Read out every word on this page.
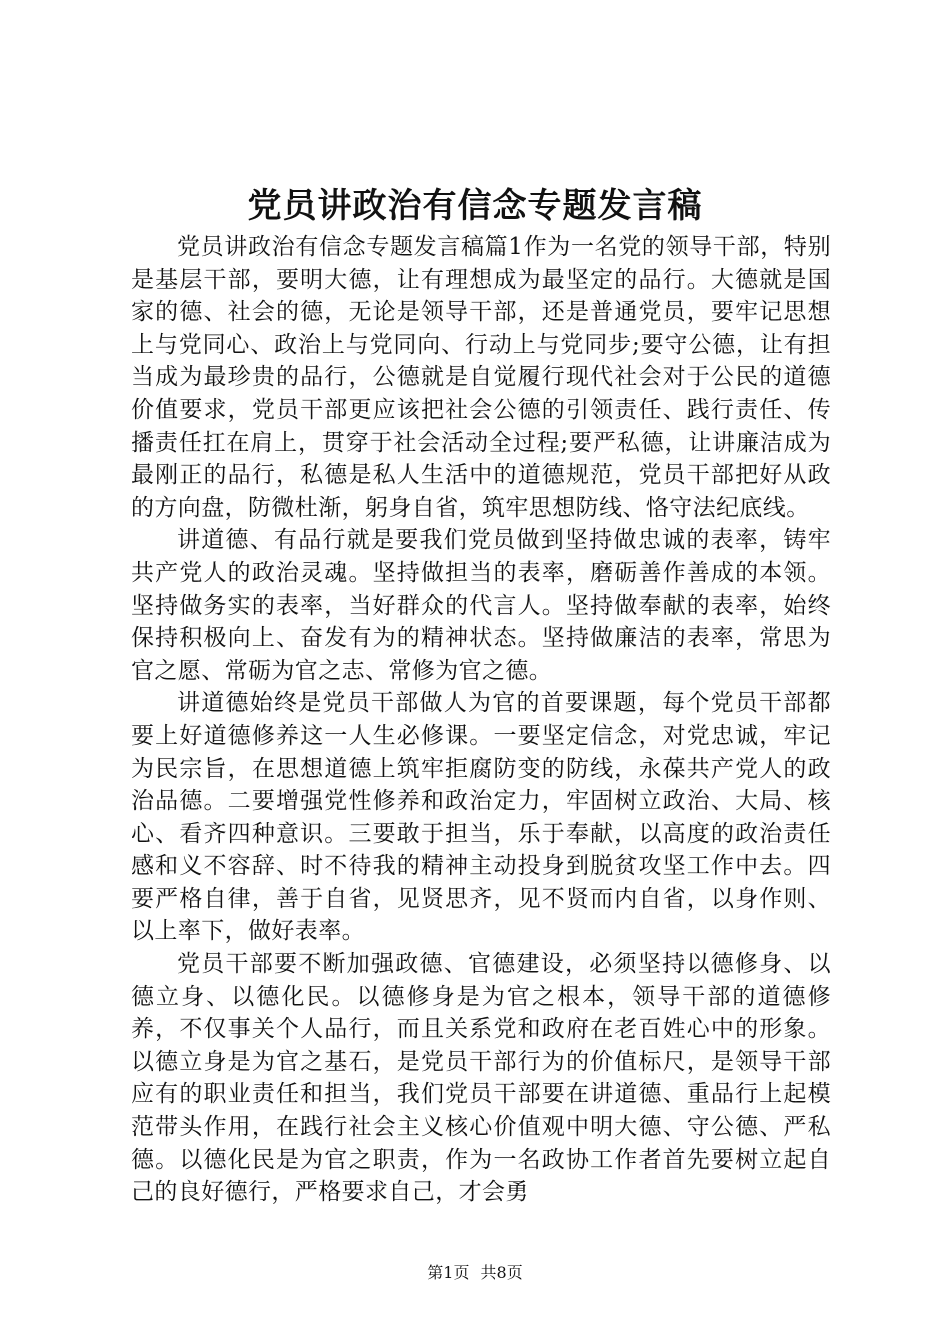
党员讲政治有信念专题发言稿

党员讲政治有信念专题发言稿篇1作为一名党的领导干部，特别是基层干部，要明大德，让有理想成为最坚定的品行。大德就是国家的德、社会的德，无论是领导干部，还是普通党员，要牢记思想上与党同心、政治上与党同向、行动上与党同步;要守公德，让有担当成为最珍贵的品行，公德就是自觉履行现代社会对于公民的道德价值要求，党员干部更应该把社会公德的引领责任、践行责任、传播责任扛在肩上，贯穿于社会活动全过程;要严私德，让讲廉洁成为最刚正的品行，私德是私人生活中的道德规范，党员干部把好从政的方向盘，防微杜渐，躬身自省，筑牢思想防线、恪守法纪底线。

讲道德、有品行就是要我们党员做到坚持做忠诚的表率，铸牢共产党人的政治灵魂。坚持做担当的表率，磨砺善作善成的本领。坚持做务实的表率，当好群众的代言人。坚持做奉献的表率，始终保持积极向上、奋发有为的精神状态。坚持做廉洁的表率，常思为官之愿、常砺为官之志、常修为官之德。

讲道德始终是党员干部做人为官的首要课题，每个党员干部都要上好道德修养这一人生必修课。一要坚定信念，对党忠诚，牢记为民宗旨，在思想道德上筑牢拒腐防变的防线，永葆共产党人的政治品德。二要增强党性修养和政治定力，牢固树立政治、大局、核心、看齐四种意识。三要敢于担当，乐于奉献，以高度的政治责任感和义不容辞、时不待我的精神主动投身到脱贫攻坚工作中去。四要严格自律，善于自省，见贤思齐，见不贤而内自省，以身作则、以上率下，做好表率。

党员干部要不断加强政德、官德建设，必须坚持以德修身、以德立身、以德化民。以德修身是为官之根本，领导干部的道德修养，不仅事关个人品行，而且关系党和政府在老百姓心中的形象。以德立身是为官之基石，是党员干部行为的价值标尺，是领导干部应有的职业责任和担当，我们党员干部要在讲道德、重品行上起模范带头作用，在践行社会主义核心价值观中明大德、守公德、严私德。以德化民是为官之职责，作为一名政协工作者首先要树立起自己的良好德行，严格要求自己，才会勇

第1页 共8页
